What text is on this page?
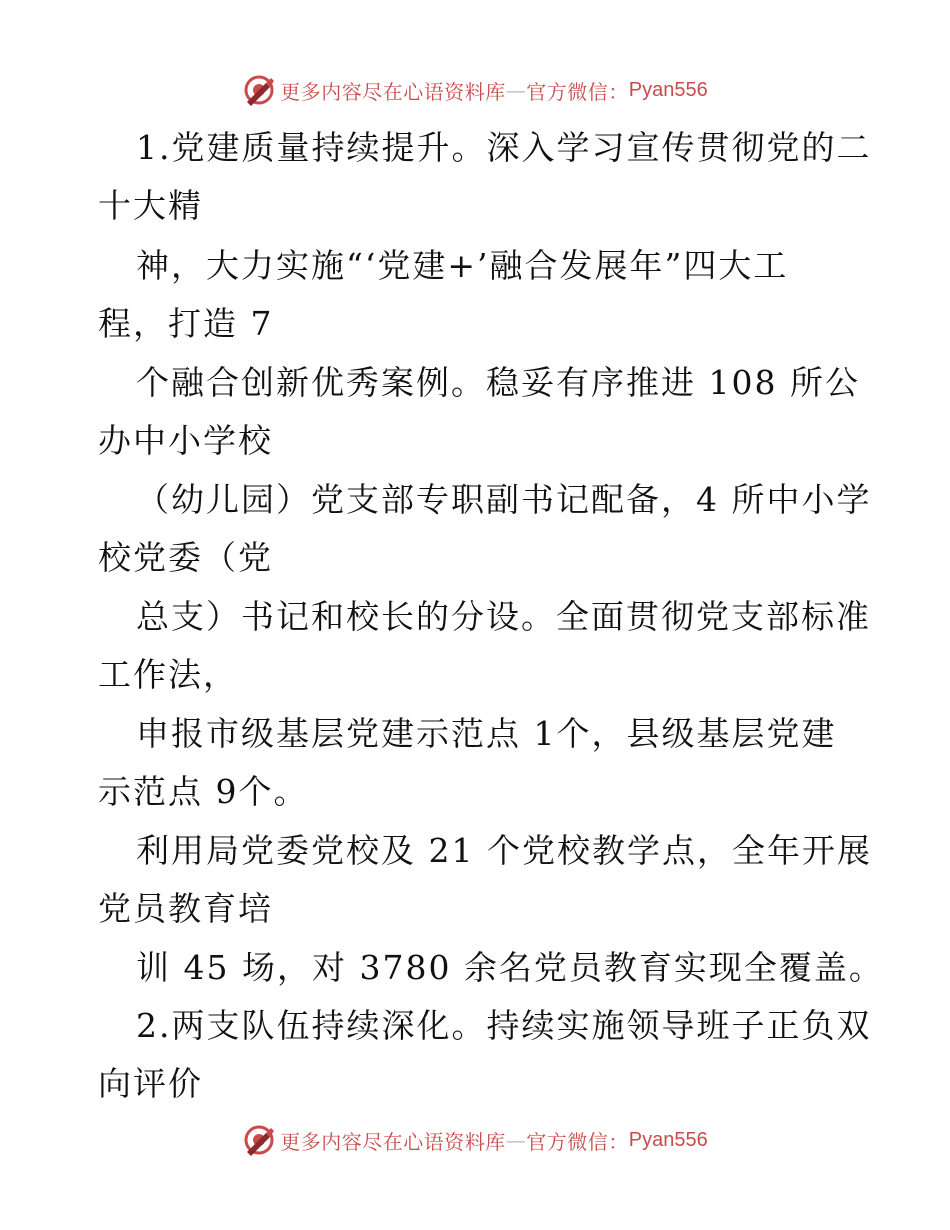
更多内容尽在心语资料库 — 官方微信： Pyan556
1.党建质量持续提升。深入学习宣传贯彻党的二
十大精
神，大力实施“‘党建+’融合发展年”四大工
程，打造 7
个融合创新优秀案例。稳妥有序推进 108 所公
办中小学校
（幼儿园）党支部专职副书记配备，4 所中小学
校党委（党
总支）书记和校长的分设。全面贯彻党支部标准
工作法，
申报市级基层党建示范点 1个，县级基层党建
示范点 9个。
利用局党委党校及 21 个党校教学点，全年开展
党员教育培
训 45 场，对 3780 余名党员教育实现全覆盖。
2.两支队伍持续深化。持续实施领导班子正负双
向评价
更多内容尽在心语资料库 — 官方微信： Pyan556
